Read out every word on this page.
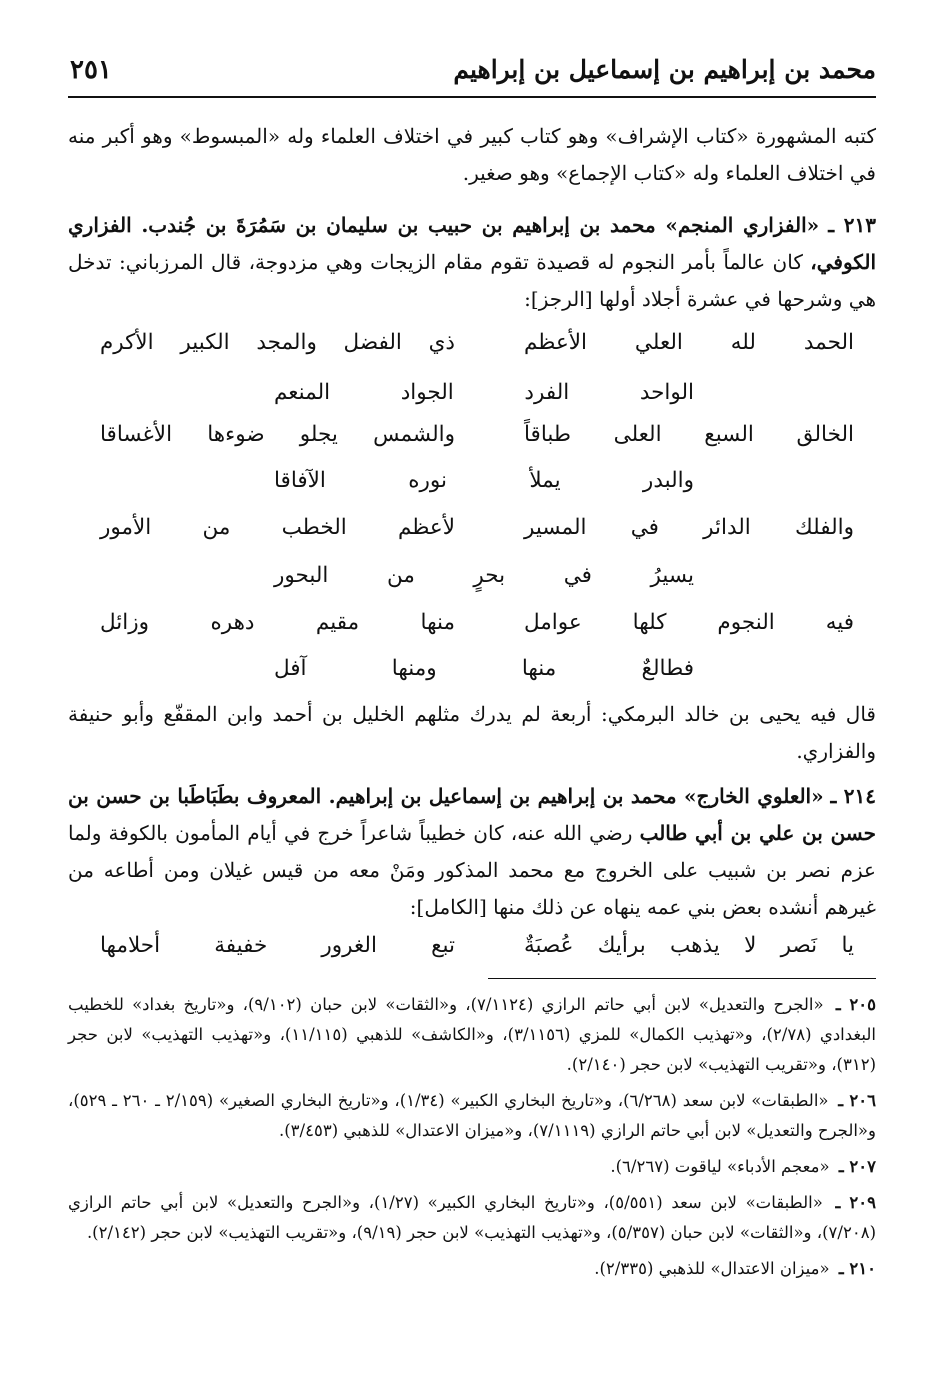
محمد بن إبراهيم بن إسماعيل بن إبراهيم
٢٥١

كتبه المشهورة «كتاب الإشراف» وهو كتاب كبير في اختلاف العلماء وله «المبسوط» وهو أكبر منه في اختلاف العلماء وله «كتاب الإجماع» وهو صغير.

٢١٣ ـ «الفزاري المنجم» محمد بن إبراهيم بن حبيب بن سليمان بن سَمُرَةَ بن جُندب. الفزاري الكوفي، كان عالماً بأمر النجوم له قصيدة تقوم مقام الزيجات وهي مزدوجة، قال المرزباني: تدخل هي وشرحها في عشرة أجلاد أولها [الرجز]:

الحمد لله العلي الأعظم
ذي الفضل والمجد الكبير الأكرم
الواحد الفرد الجواد المنعم
الخالق السبع العلى طباقاً
والشمس يجلو ضوءها الأغساقا
والبدر يملأ نوره الآفاقا
والفلك الدائر في المسير
لأعظم الخطب من الأمور
يسيرُ في بحرٍ من البحور
فيه النجوم كلها عوامل
منها مقيم دهره وزائل
فطالعٌ منها ومنها آفل

قال فيه يحيى بن خالد البرمكي: أربعة لم يدرك مثلهم الخليل بن أحمد وابن المقفّع وأبو حنيفة والفزاري.

٢١٤ ـ «العلوي الخارج» محمد بن إبراهيم بن إسماعيل بن إبراهيم. المعروف بطَبَاطَبا بن حسن بن حسن بن علي بن أبي طالب رضي الله عنه، كان خطيباً شاعراً خرج في أيام المأمون بالكوفة ولما عزم نصر بن شبيب على الخروج مع محمد المذكور ومَنْ معه من قيس غيلان ومن أطاعه من غيرهم أنشده بعض بني عمه ينهاه عن ذلك منها [الكامل]:

يا نَصر لا يذهب برأيك عُصبَةٌ
تبع الغرور خفيفة أحلامها

٢٠٥ ـ «الجرح والتعديل» لابن أبي حاتم الرازي (٧/١١٢٤)، و«الثقات» لابن حبان (٩/١٠٢)، و«تاريخ بغداد» للخطيب البغدادي (٢/٧٨)، و«تهذيب الكمال» للمزي (٣/١١٥٦)، و«الكاشف» للذهبي (١١/١١٥)، و«تهذيب التهذيب» لابن حجر (٣١٢)، و«تقريب التهذيب» لابن حجر (٢/١٤٠).

٢٠٦ ـ «الطبقات» لابن سعد (٦/٢٦٨)، و«تاريخ البخاري الكبير» (١/٣٤)، و«تاريخ البخاري الصغير» (٢/١٥٩ ـ ٢٦٠ ـ ٥٢٩)، و«الجرح والتعديل» لابن أبي حاتم الرازي (٧/١١١٩)، و«ميزان الاعتدال» للذهبي (٣/٤٥٣).

٢٠٧ ـ «معجم الأدباء» لياقوت (٦/٢٦٧).

٢٠٩ ـ «الطبقات» لابن سعد (٥/٥٥١)، و«تاريخ البخاري الكبير» (١/٢٧)، و«الجرح والتعديل» لابن أبي حاتم الرازي (٧/٢٠٨)، و«الثقات» لابن حبان (٥/٣٥٧)، و«تهذيب التهذيب» لابن حجر (٩/١٩)، و«تقريب التهذيب» لابن حجر (٢/١٤٢).

٢١٠ ـ «ميزان الاعتدال» للذهبي (٢/٣٣٥).
